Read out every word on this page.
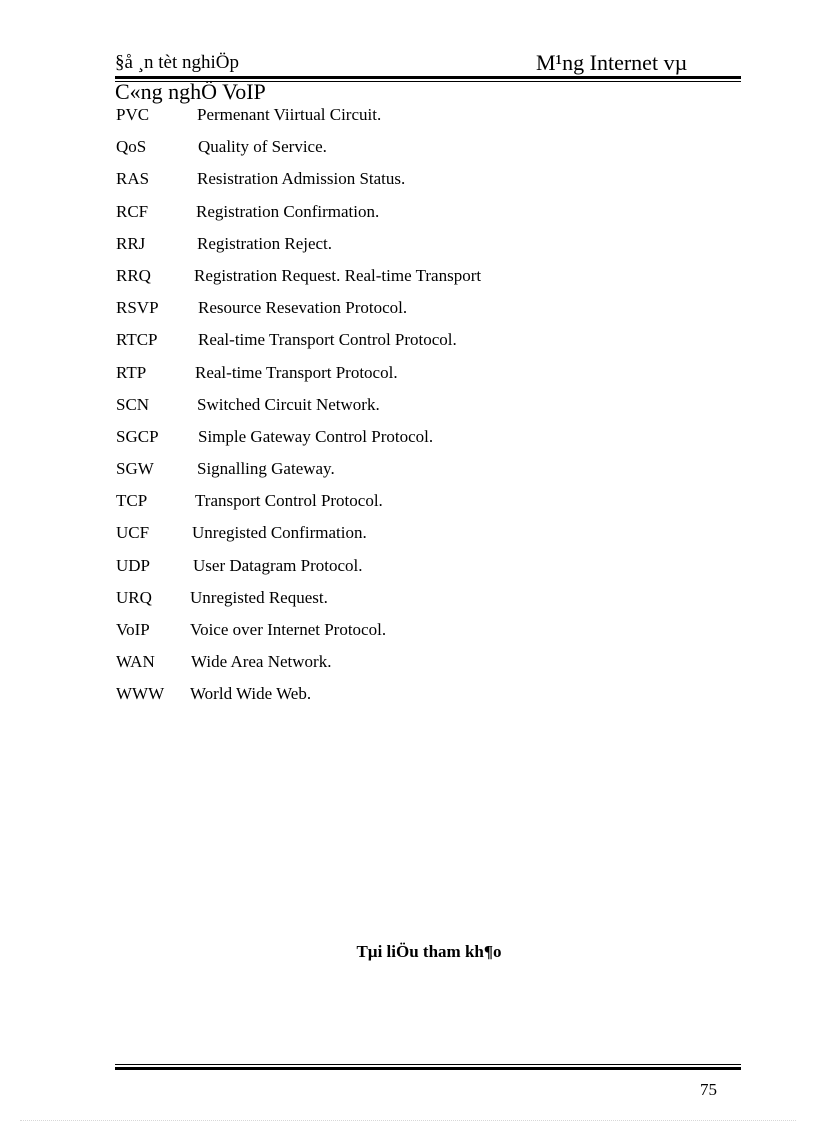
§å ¸n tèt nghiÖp	M¹ng Internet vµ
C«ng nghÖ VoIP
PVC	Permenant Viirtual Circuit.
QoS	Quality of Service.
RAS	Resistration Admission Status.
RCF	Registration Confirmation.
RRJ	Registration Reject.
RRQ	Registration Request. Real-time Transport
RSVP Resource Resevation Protocol.
RTCP Real-time Transport Control Protocol.
RTP	Real-time Transport Protocol.
SCN	Switched Circuit Network.
SGCP Simple Gateway Control Protocol.
SGW	Signalling Gateway.
TCP	Transport Control Protocol.
UCF	Unregisted Confirmation.
UDP	User Datagram Protocol.
URQ Unregisted Request.
VoIP Voice over Internet Protocol.
WAN Wide Area Network.
WWW World Wide Web.
Tµi liÖu tham kh¶o
75
